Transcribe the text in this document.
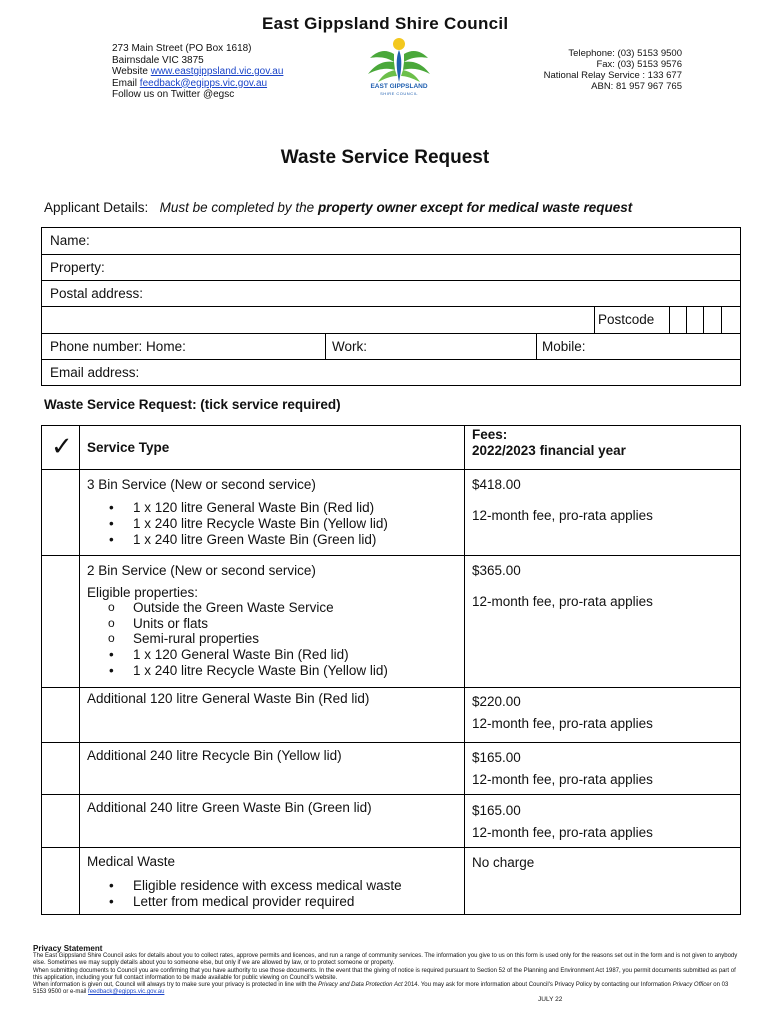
East Gippsland Shire Council
273 Main Street (PO Box 1618)
Bairnsdale VIC 3875
Website www.eastgippsland.vic.gov.au
Email feedback@egipps.vic.gov.au
Follow us on Twitter @egsc
EAST GIPPSLAND
SHIRE COUNCIL
Telephone: (03) 5153 9500
Fax: (03) 5153 9576
National Relay Service : 133 677
ABN: 81 957 967 765
Waste Service Request
Applicant Details: Must be completed by the property owner except for medical waste request
Name:
Property:
Postal address:
Postcode
Phone number: Home:	Work:	Mobile:
Email address:
Waste Service Request: (tick service required)
✓ Service Type
Fees:
2022/2023 financial year
3 Bin Service (New or second service)
• 1 x 120 litre General Waste Bin (Red lid)
• 1 x 240 litre Recycle Waste Bin (Yellow lid)
• 1 x 240 litre Green Waste Bin (Green lid)
$418.00
12-month fee, pro-rata applies
2 Bin Service (New or second service)
Eligible properties:
o Outside the Green Waste Service
o Units or flats
o Semi-rural properties
• 1 x 120 General Waste Bin (Red lid)
• 1 x 240 litre Recycle Waste Bin (Yellow lid)
$365.00
12-month fee, pro-rata applies
Additional 120 litre General Waste Bin (Red lid)	$220.00
12-month fee, pro-rata applies
Additional 240 litre Recycle Bin (Yellow lid)	$165.00
12-month fee, pro-rata applies
Additional 240 litre Green Waste Bin (Green lid)	$165.00
12-month fee, pro-rata applies
Medical Waste
• Eligible residence with excess medical waste
• Letter from medical provider required
No charge
Privacy Statement
The East Gippsland Shire Council asks for details about you to collect rates, approve permits and licences, and run a range of community services. The information you give to us on this form is used only for the reasons set out in the form and is not given to anybody else. Sometimes we may supply details about you to someone else, but only if we are allowed by law, or to protect someone or property.
When submitting documents to Council you are confirming that you have authority to use those documents. In the event that the giving of notice is required pursuant to Section 52 of the Planning and Environment Act 1987, you permit documents submitted as part of this application, including your full contact information to be made available for public viewing on Council's website.
When information is given out, Council will always try to make sure your privacy is protected in line with the Privacy and Data Protection Act 2014. You may ask for more information about Council's Privacy Policy by contacting our Information Privacy Officer on 03 5153 9500 or e-mail feedback@egipps.vic.gov.au
JULY 22
